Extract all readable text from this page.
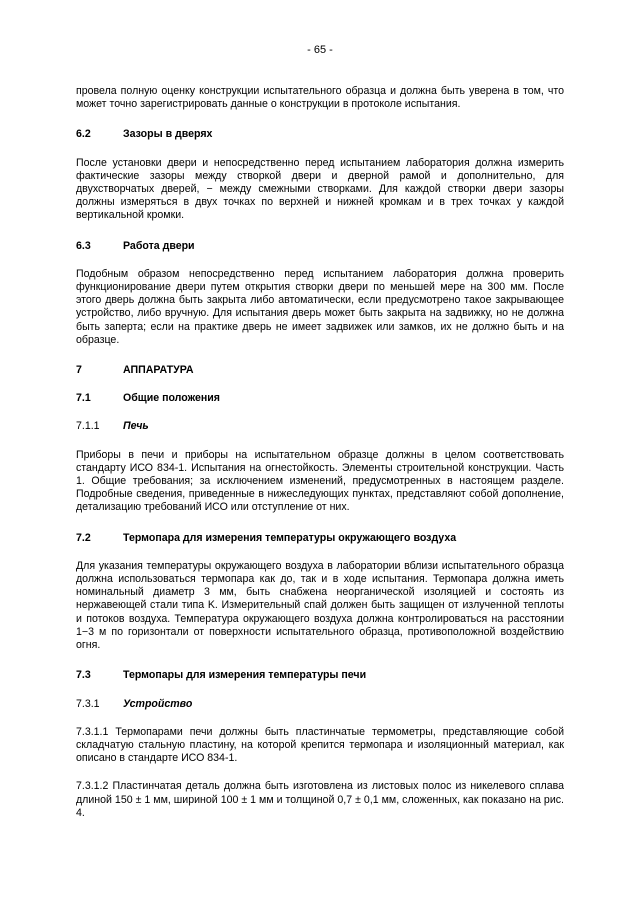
- 65 -

провела полную оценку конструкции испытательного образца и должна быть уверена в том, что может точно зарегистрировать данные о конструкции в протоколе испытания.

6.2	Зазоры в дверях

После установки двери и непосредственно перед испытанием лаборатория должна измерить фактические зазоры между створкой двери и дверной рамой и дополнительно, для двухстворчатых дверей, − между смежными створками. Для каждой створки двери зазоры должны измеряться в двух точках по верхней и нижней кромкам и в трех точках у каждой вертикальной кромки.

6.3	Работа двери

Подобным образом непосредственно перед испытанием лаборатория должна проверить функционирование двери путем открытия створки двери по меньшей мере на 300 мм. После этого дверь должна быть закрыта либо автоматически, если предусмотрено такое закрывающее устройство, либо вручную. Для испытания дверь может быть закрыта на задвижку, но не должна быть заперта; если на практике дверь не имеет задвижек или замков, их не должно быть и на образце.

7	АППАРАТУРА
7.1	Общие положения
7.1.1	Печь

Приборы в печи и приборы на испытательном образце должны в целом соответствовать стандарту ИСО 834-1. Испытания на огнестойкость. Элементы строительной конструкции. Часть 1. Общие требования; за исключением изменений, предусмотренных в настоящем разделе. Подробные сведения, приведенные в нижеследующих пунктах, представляют собой дополнение, детализацию требований ИСО или отступление от них.

7.2	Термопара для измерения температуры окружающего воздуха

Для указания температуры окружающего воздуха в лаборатории вблизи испытательного образца должна использоваться термопара как до, так и в ходе испытания. Термопара должна иметь номинальный диаметр 3 мм, быть снабжена неорганической изоляцией и состоять из нержавеющей стали типа K. Измерительный спай должен быть защищен от излученной теплоты и потоков воздуха. Температура окружающего воздуха должна контролироваться на расстоянии 1−3 м по горизонтали от поверхности испытательного образца, противоположной воздействию огня.

7.3	Термопары для измерения температуры печи
7.3.1	Устройство

7.3.1.1 Термопарами печи должны быть пластинчатые термометры, представляющие собой складчатую стальную пластину, на которой крепится термопара и изоляционный материал, как описано в стандарте ИСО 834-1.

7.3.1.2 Пластинчатая деталь должна быть изготовлена из листовых полос из никелевого сплава длиной 150 ± 1 мм, шириной 100 ± 1 мм и толщиной 0,7 ± 0,1 мм, сложенных, как показано на рис. 4.
